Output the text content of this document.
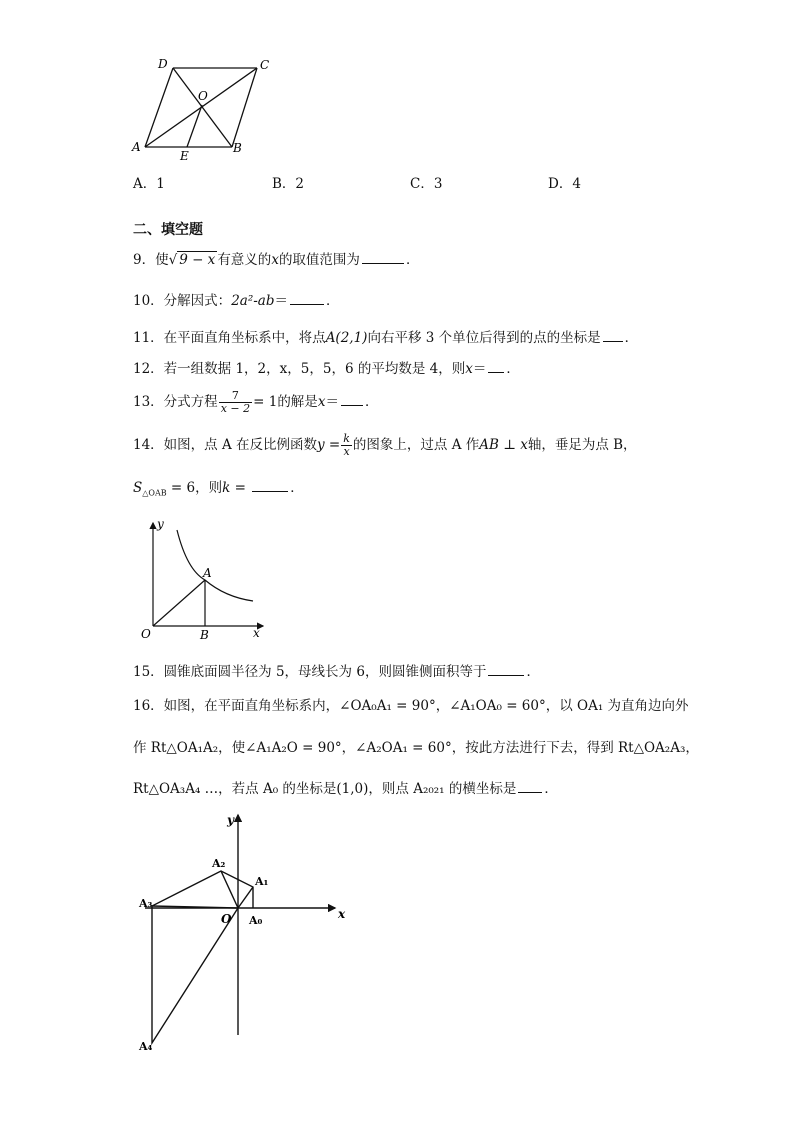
D	C
O
A
E
B
A．1	B．2	C．3	D．4
二、填空题
9．使√ 9 − x 有意义的x的取值范围为	．
10．分解因式：2a²-ab＝	．
11．在平面直角坐标系中，将点A(2,1)向右平移 3 个单位后得到的点的坐标是 ．
12．若一组数据 1，2，x，5，5，6 的平均数是 4，则x＝ ．
13．分式方程 $\frac{7}{x - 2} = 1$的解是x＝ ．
14．如图，点 A 在反比例函数$y = \frac{k}{x}$ 的图象上，过点 A 作AB ⊥ x轴，垂足为点 B，
$S_{\triangle OAB} = 6$，则k =	．
y
A
O	B	x
15．圆锥底面圆半径为 5，母线长为 6，则圆锥侧面积等于	．
16．如图，在平面直角坐标系内，∠OA₀A₁ = 90°，∠A₁OA₀ = 60°，以 OA₁ 为直角边向外
作 Rt△OA₁A₂，使∠A₁A₂O = 90°，∠A₂OA₁ = 60°，按此方法进行下去，得到 Rt△OA₂A₃，
Rt△OA₃A₄ …，若点 A₀ 的坐标是(1,0)，则点 A₂₀₂₁ 的横坐标是 ．
y
x
O A₀
A₁
A₂
A₃
A₄
